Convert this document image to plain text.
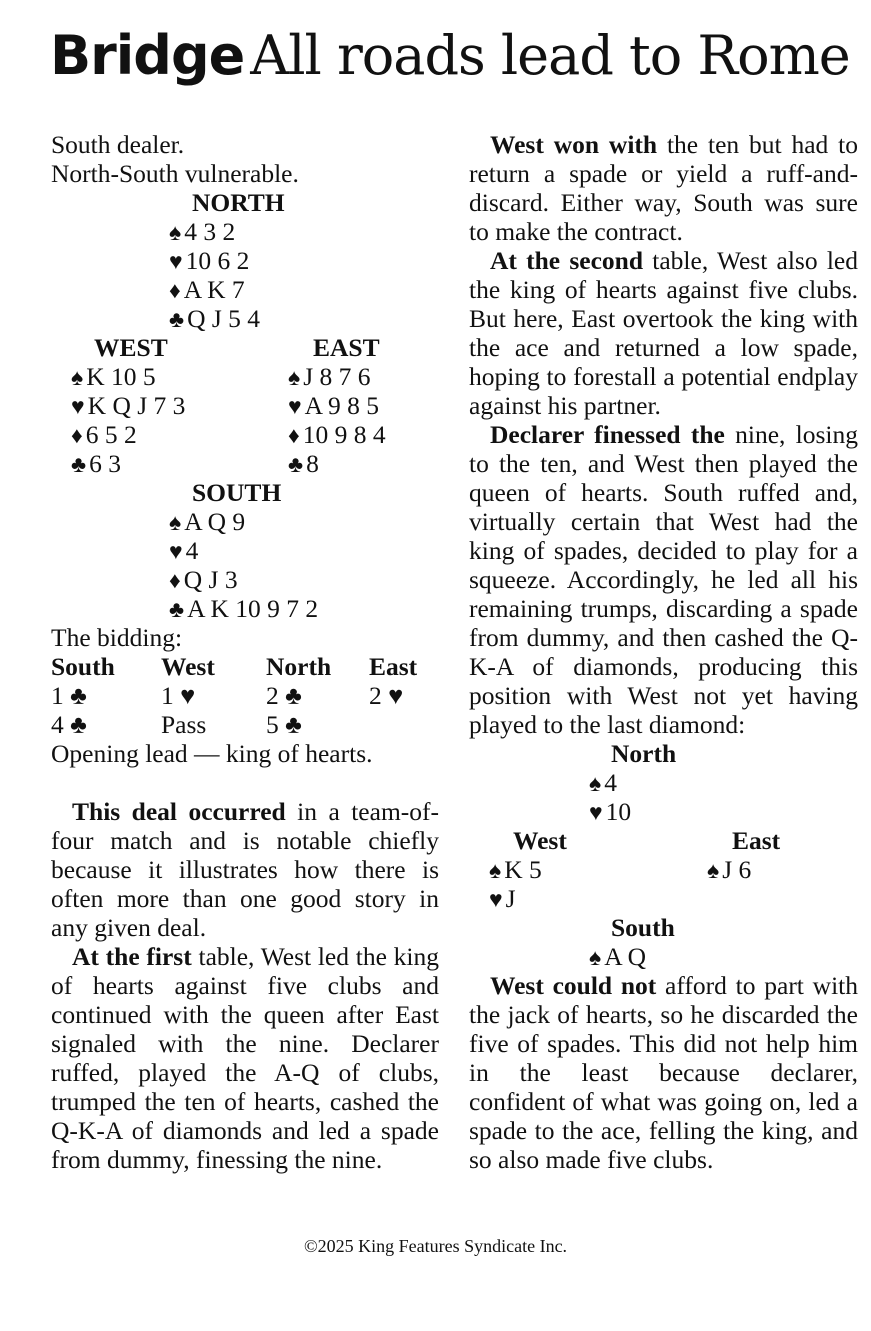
Bridge All roads lead to Rome
South dealer.
North-South vulnerable.
NORTH
♠ 4 3 2
♥ 10 6 2
♦ A K 7
♣ Q J 5 4
WEST	EAST
♠ K 10 5	♠ J 8 7 6
♥ K Q J 7 3	♥ A 9 8 5
♦ 6 5 2	♦ 10 9 8 4
♣ 6 3	♣ 8
SOUTH
♠ A Q 9
♥ 4
♦ Q J 3
♣ A K 10 9 7 2
The bidding:
South West North East
1 ♣	1 ♥	2 ♣	2 ♥
4 ♣	Pass 5 ♣
Opening lead — king of hearts.

This deal occurred in a team-of-four match and is notable chiefly because it illustrates how there is often more than one good story in any given deal.

At the first table, West led the king of hearts against five clubs and continued with the queen after East signaled with the nine. Declarer ruffed, played the A-Q of clubs, trumped the ten of hearts, cashed the Q-K-A of diamonds and led a spade from dummy, finessing the nine.

West won with the ten but had to return a spade or yield a ruff-and-discard. Either way, South was sure to make the contract.

At the second table, West also led the king of hearts against five clubs. But here, East overtook the king with the ace and returned a low spade, hoping to forestall a potential endplay against his partner.

Declarer finessed the nine, losing to the ten, and West then played the queen of hearts. South ruffed and, virtually certain that West had the king of spades, decided to play for a squeeze. Accordingly, he led all his remaining trumps, discarding a spade from dummy, and then cashed the Q-K-A of diamonds, producing this position with West not yet having played to the last diamond:

North
♠ 4
♥ 10
West	East
♠ K 5	♠ J 6
♥ J
South
♠ A Q

West could not afford to part with the jack of hearts, so he discarded the five of spades. This did not help him in the least because declarer, confident of what was going on, led a spade to the ace, felling the king, and so also made five clubs.

©2025 King Features Syndicate Inc.
